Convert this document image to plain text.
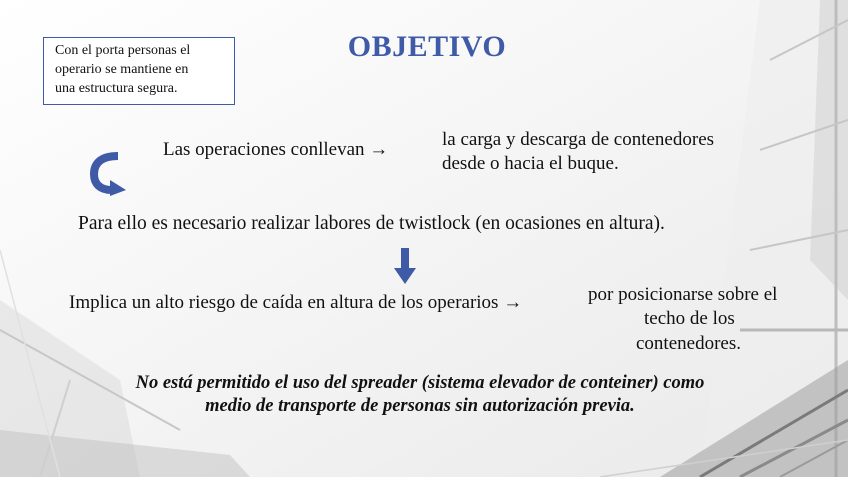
Con el porta personas el
operario se mantiene en
una estructura segura.
OBJETIVO
Las operaciones conllevan →	la carga y descarga de contenedores
desde o hacia el buque.
Para ello es necesario realizar labores de twistlock (en ocasiones en altura).
Implica un alto riesgo de caída en altura de los operarios →	por posicionarse sobre el
techo de los
contenedores.
No está permitido el uso del spreader (sistema elevador de conteiner) como
medio de transporte de personas sin autorización previa.
